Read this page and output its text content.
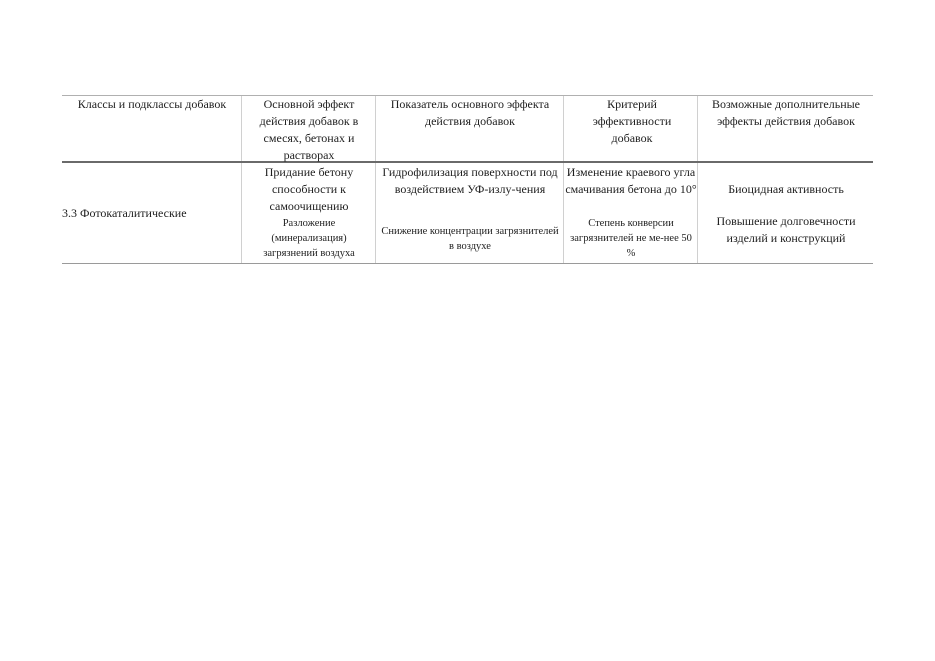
Классы и подклассы добавок	Основной эффект действия добавок в смесях, бетонах и растворах
Показатель основного эффекта действия добавок
Критерий эффективности добавок
Возможные дополнительные эффекты действия добавок
3.3 Фотокаталитические
Придание бетону способности к самоочищению
Разложение (минерализация) загрязнений воздуха
Гидрофилизация поверхности под воздействием УФ-излу-чения
Снижение концентрации загрязнителей в воздухе
Изменение краевого угла смачивания бетона до 10°
Степень конверсии загрязнителей не ме-нее 50 %
Биоцидная активность
Повышение долговечности изделий и конструкций
